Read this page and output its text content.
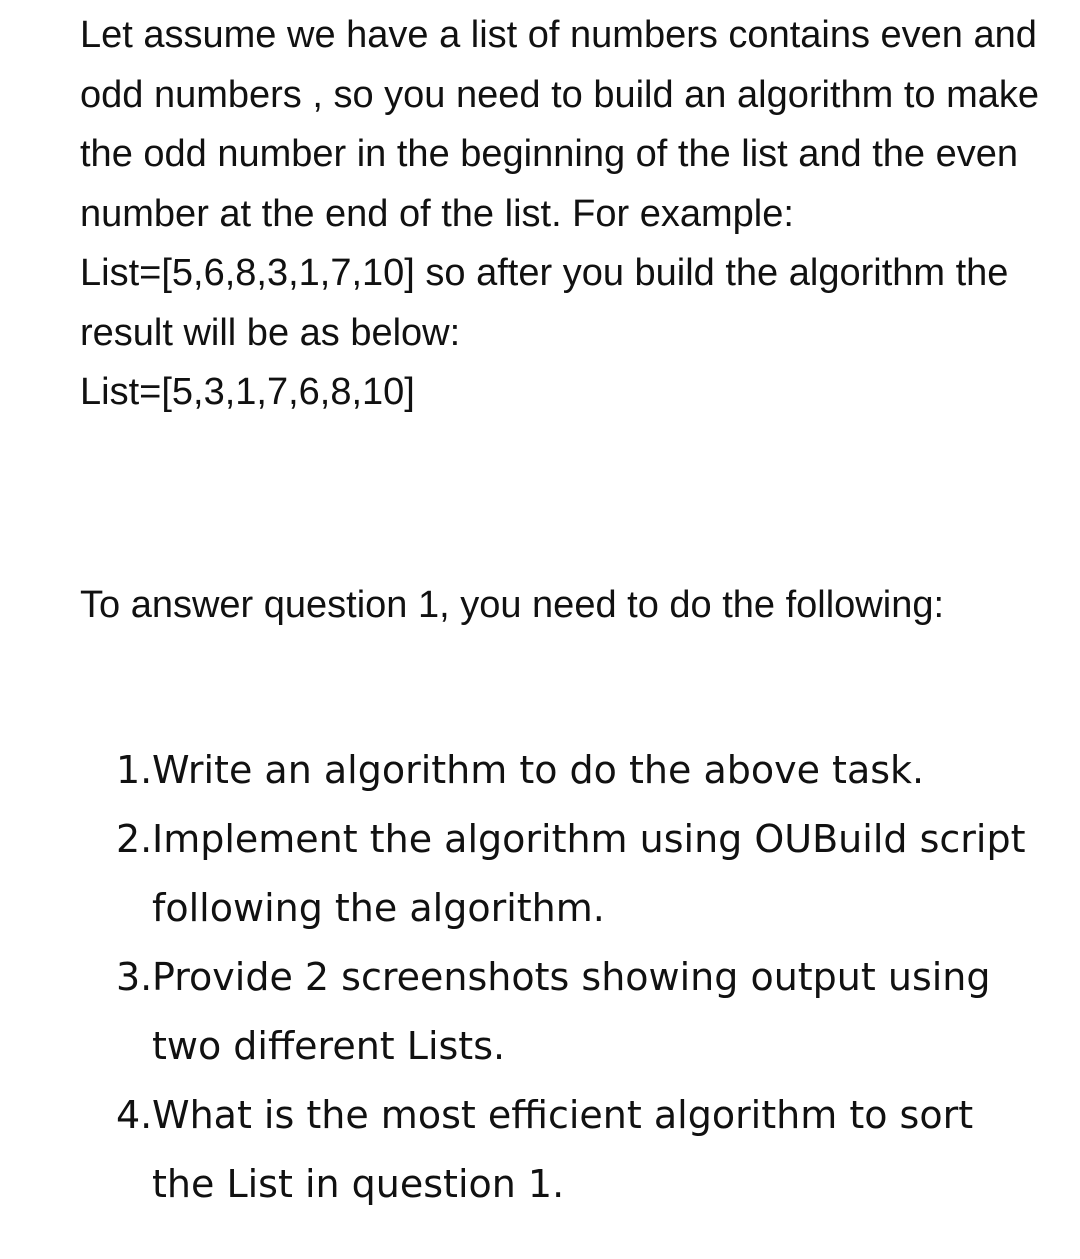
Let assume we have a list of numbers contains even and odd numbers , so you need to build an algorithm to make the odd number in the beginning of the list and the even number at the end of the list. For example:

List=[5,6,8,3,1,7,10] so after you build the algorithm the result will be as below:

List=[5,3,1,7,6,8,10]

To answer question 1, you need to do the following:

1.Write an algorithm to do the above task.
2.Implement the algorithm using OUBuild script following the algorithm.
3.Provide 2 screenshots showing output using two different Lists.
4.What is the most efficient algorithm to sort the List in question 1.
